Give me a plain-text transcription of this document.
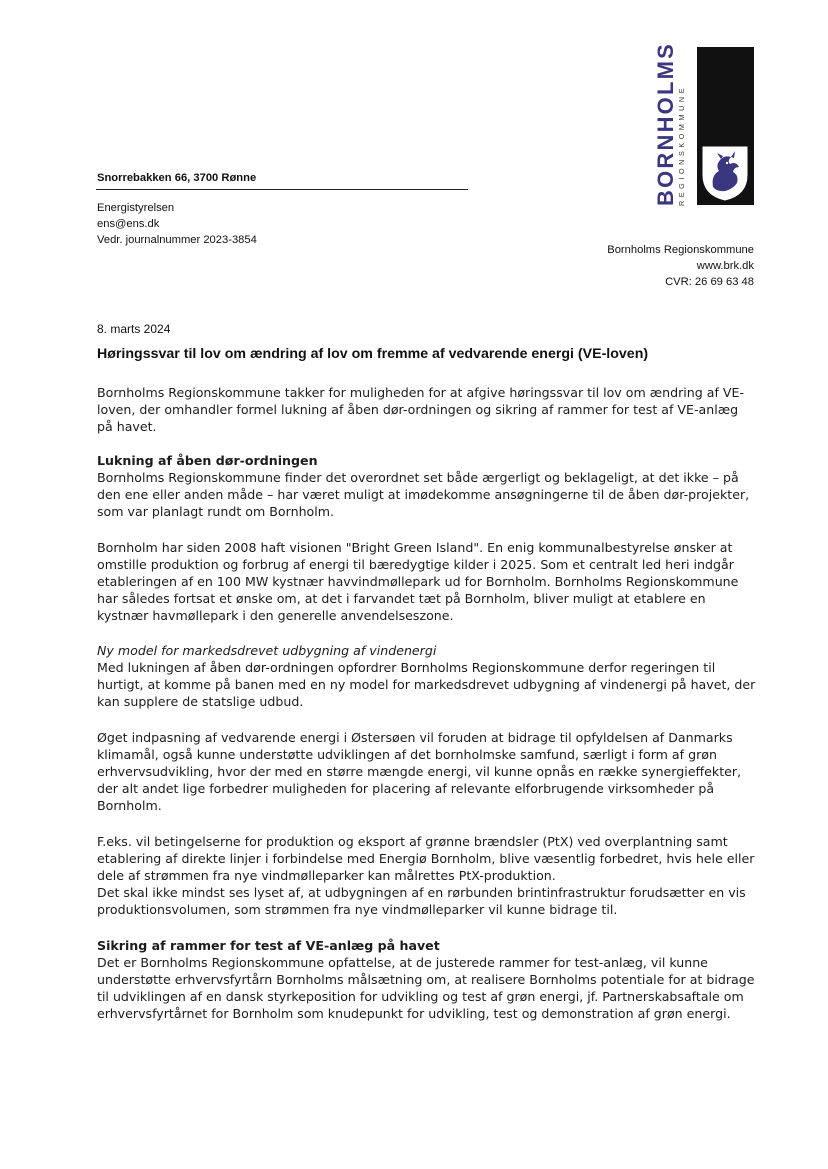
BORNHOLMS REGIONSKOMMUNE
Snorrebakken 66, 3700 Rønne
Energistyrelsen
ens@ens.dk
Vedr. journalnummer 2023-3854
Bornholms Regionskommune
www.brk.dk
CVR: 26 69 63 48
8. marts 2024
Høringssvar til lov om ændring af lov om fremme af vedvarende energi (VE-loven)

Bornholms Regionskommune takker for muligheden for at afgive høringssvar til lov om ændring af VE-loven, der omhandler formel lukning af åben dør-ordningen og sikring af rammer for test af VE-anlæg på havet.

Lukning af åben dør-ordningen

Bornholms Regionskommune finder det overordnet set både ærgerligt og beklageligt, at det ikke – på den ene eller anden måde – har været muligt at imødekomme ansøgningerne til de åben dør-projekter, som var planlagt rundt om Bornholm.

Bornholm har siden 2008 haft visionen "Bright Green Island". En enig kommunalbestyrelse ønsker at omstille produktion og forbrug af energi til bæredygtige kilder i 2025. Som et centralt led heri indgår etableringen af en 100 MW kystnær havvindmøllepark ud for Bornholm. Bornholms Regionskommune har således fortsat et ønske om, at det i farvandet tæt på Bornholm, bliver muligt at etablere en kystnær havmøllepark i den generelle anvendelseszone.

Ny model for markedsdrevet udbygning af vindenergi

Med lukningen af åben dør-ordningen opfordrer Bornholms Regionskommune derfor regeringen til hurtigt, at komme på banen med en ny model for markedsdrevet udbygning af vindenergi på havet, der kan supplere de statslige udbud.

Øget indpasning af vedvarende energi i Østersøen vil foruden at bidrage til opfyldelsen af Danmarks klimamål, også kunne understøtte udviklingen af det bornholmske samfund, særligt i form af grøn erhvervsudvikling, hvor der med en større mængde energi, vil kunne opnås en række synergieffekter, der alt andet lige forbedrer muligheden for placering af relevante elforbrugende virksomheder på Bornholm.

F.eks. vil betingelserne for produktion og eksport af grønne brændsler (PtX) ved overplantning samt etablering af direkte linjer i forbindelse med Energiø Bornholm, blive væsentlig forbedret, hvis hele eller dele af strømmen fra nye vindmølleparker kan målrettes PtX-produktion.

Det skal ikke mindst ses lyset af, at udbygningen af en rørbunden brintinfrastruktur forudsætter en vis produktionsvolumen, som strømmen fra nye vindmølleparker vil kunne bidrage til.

Sikring af rammer for test af VE-anlæg på havet

Det er Bornholms Regionskommune opfattelse, at de justerede rammer for test-anlæg, vil kunne understøtte erhvervsfyrtårn Bornholms målsætning om, at realisere Bornholms potentiale for at bidrage til udviklingen af en dansk styrkeposition for udvikling og test af grøn energi, jf. Partnerskabsaftale om erhvervsfyrtårnet for Bornholm som knudepunkt for udvikling, test og demonstration af grøn energi.
